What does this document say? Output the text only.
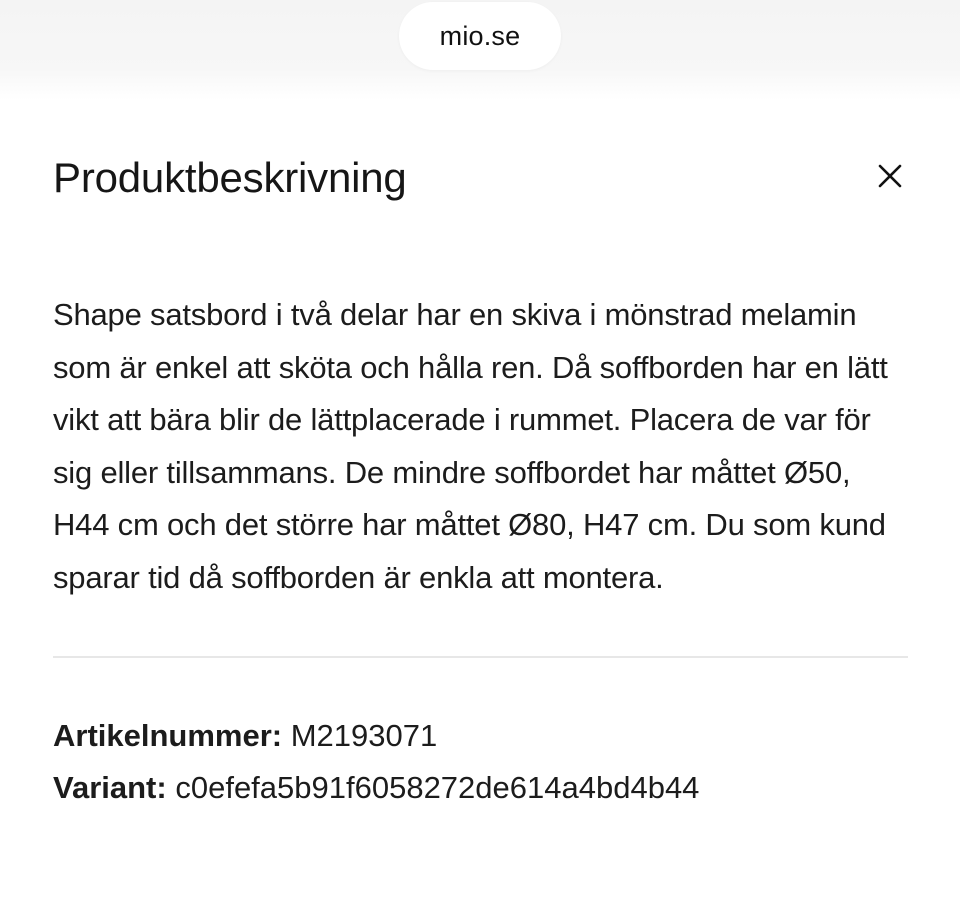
mio.se
Produktbeskrivning

Shape satsbord i två delar har en skiva i mönstrad melamin som är enkel att sköta och hålla ren. Då soffborden har en lätt vikt att bära blir de lättplacerade i rummet. Placera de var för sig eller tillsammans. De mindre soffbordet har måttet Ø50, H44 cm och det större har måttet Ø80, H47 cm. Du som kund sparar tid då soffborden är enkla att montera.

Artikelnummer: M2193071
Variant: c0efefa5b91f6058272de614a4bd4b44
